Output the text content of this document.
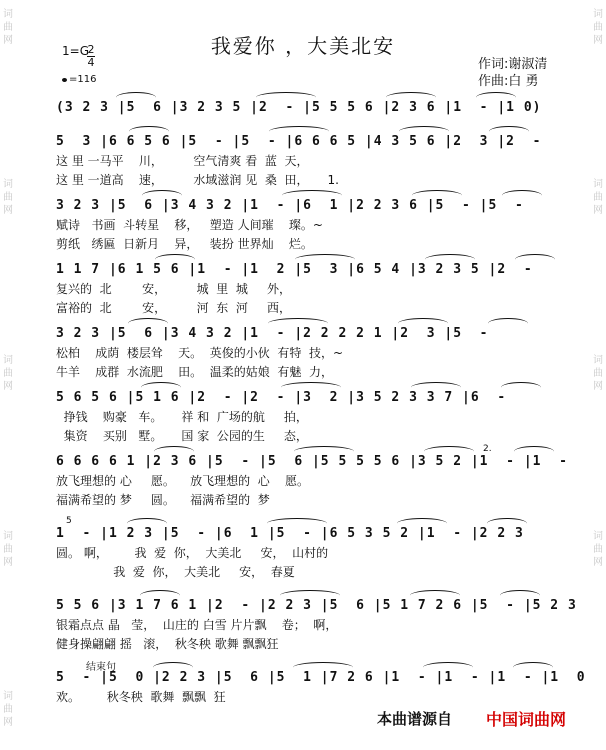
词曲网
词曲网
词曲网
词曲网
词曲网
词曲网
词曲网
词曲网
词曲网
我爱你 ，大美北安
1=G
2
4
=116
作词:谢淑清
作曲:白 勇
(3 2 3 |5  6 |3 2 3 5 |2  - |5 5 5 6 |2 3 6 |1  - |1 0)
5  3 |6 6 5 6 |5  - |5  - |6 6 6 5 |4 3 5 6 |2  3 |2  -
这 里 一马平    川，        空气清爽 看  蓝  天，
这 里 一道高    速，        水域滋润 见  桑  田，     1.
3 2 3 |5  6 |3 4 3 2 |1  - |6  1 |2 2 3 6 |5  - |5  -
赋诗   书画  斗转星    移，   塑造 人间璀    璨。~
剪纸   绣匾  日新月    异，   装扮 世界灿    烂。
1 1 7 |6 1 5 6 |1  - |1  2 |5  3 |6 5 4 |3 2 3 5 |2  -
复兴的  北        安，        城  里  城     外，
富裕的  北        安，        河  东  河     西，
3 2 3 |5  6 |3 4 3 2 |1  - |2 2 2 2 1 |2  3 |5  -
松柏    成荫  楼层耸    天。  英俊的小伙  有特  技，~
牛羊    成群  水流肥    田。  温柔的姑娘  有魅  力，
5 6 5 6 |5 1 6 |2  - |2  - |3  2 |3 5 2 3 3 7 |6  -
挣钱    购豪   车。     祥 和  广场的航     拍，
集资    买别   墅。     国 家  公园的生     态，
6 6 6 6 1 |2 3 6 |5  - |5  6 |5 5 5 5 6 |3 5 2 |1  - |1  -
放飞理想的 心     愿。    放飞理想的  心    愿。
福满希望的 梦     圆。    福满希望的  梦
1  - |1 2 3 |5  - |6  1 |5  - |6 5 3 5 2 |1  - |2 2 3
圆。 啊，       我  爱  你，  大美北     安，  山村的
我  爱  你，  大美北     安，  春夏
5 5 6 |3 1 7 6 1 |2  - |2 2 3 |5  6 |5 1 7 2 6 |5  - |5 2 3
银霜点点 晶   莹，  山庄的 白雪 片片飘    卷；  啊，
健身操翩翩 摇   滚，  秋冬秧 歌舞 飘飘狂
5  - |5  0 |2 2 3 |5  6 |5  1 |7 2 6 |1  - |1  - |1  - |1  0
欢。       秋冬秧  歌舞  飘飘  狂
本曲谱源自 中国词曲网
2.
5
结束句
